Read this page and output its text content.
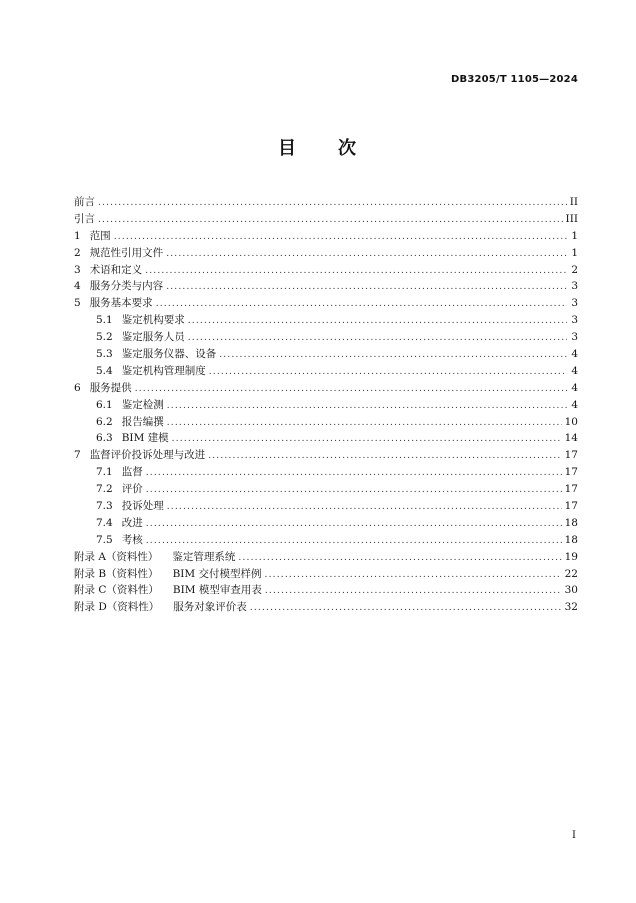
DB3205/T 1105—2024
目　　次
前言 .....	II
引言 .....	III
1 范围 .....	1
2 规范性引用文件 .....	1
3 术语和定义 .....	2
4 服务分类与内容 .....	3
5 服务基本要求 .....	3
5.1 鉴定机构要求 .....	3
5.2 鉴定服务人员 .....	3
5.3 鉴定服务仪器、设备 .....	4
5.4 鉴定机构管理制度 .....	4
6 服务提供 .....	4
6.1 鉴定检测 .....	4
6.2 报告编撰 .....	10
6.3 BIM 建模 .....	14
7 监督评价投诉处理与改进 .....	17
7.1 监督 .....	17
7.2 评价 .....	17
7.3 投诉处理 .....	17
7.4 改进 .....	18
7.5 考核 .....	18
附录 A（资料性） 鉴定管理系统 .....	19
附录 B（资料性） BIM 交付模型样例 .....	22
附录 C（资料性） BIM 模型审查用表 .....	30
附录 D（资料性） 服务对象评价表 .....	32
I
